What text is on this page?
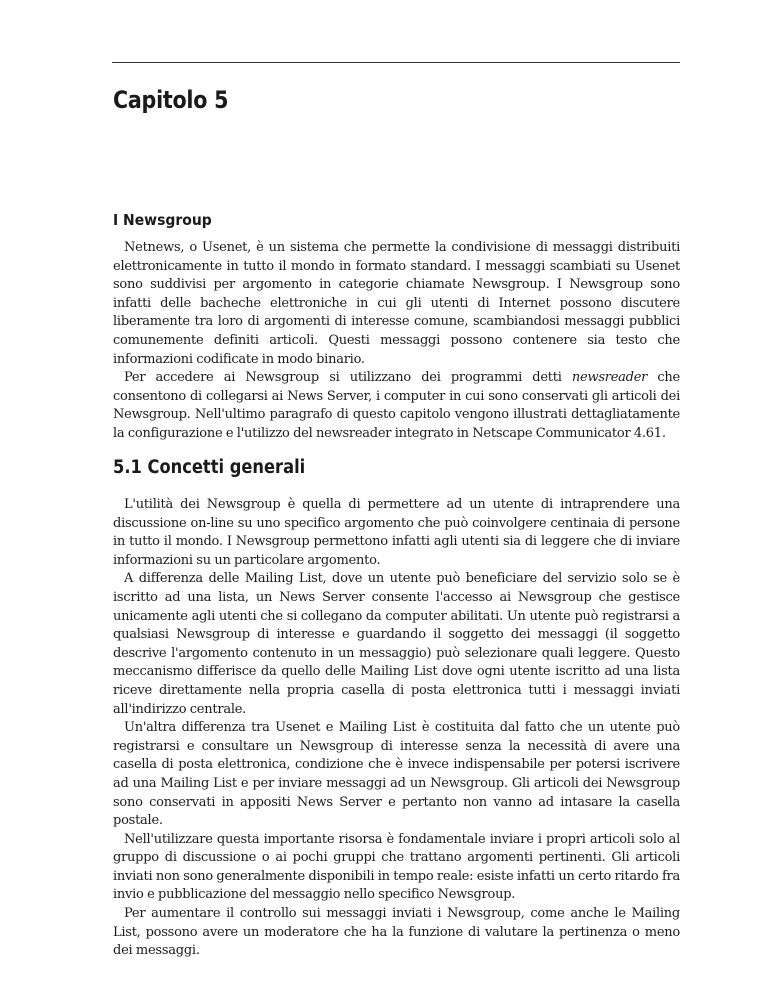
Capitolo 5
I Newsgroup

Netnews, o Usenet, è un sistema che permette la condivisione di messaggi distribuiti elettronicamente in tutto il mondo in formato standard. I messaggi scambiati su Usenet sono suddivisi per argomento in categorie chiamate Newsgroup. I Newsgroup sono infatti delle bacheche elettroniche in cui gli utenti di Internet possono discutere liberamente tra loro di argomenti di interesse comune, scambiandosi messaggi pubblici comunemente definiti articoli. Questi messaggi possono contenere sia testo che informazioni codificate in modo binario.

Per accedere ai Newsgroup si utilizzano dei programmi detti newsreader che consentono di collegarsi ai News Server, i computer in cui sono conservati gli articoli dei Newsgroup. Nell'ultimo paragrafo di questo capitolo vengono illustrati dettagliatamente la configurazione e l'utilizzo del newsreader integrato in Netscape Communicator 4.61.

5.1 Concetti generali

L'utilità dei Newsgroup è quella di permettere ad un utente di intraprendere una discussione on-line su uno specifico argomento che può coinvolgere centinaia di persone in tutto il mondo. I Newsgroup permettono infatti agli utenti sia di leggere che di inviare informazioni su un particolare argomento.

A differenza delle Mailing List, dove un utente può beneficiare del servizio solo se è iscritto ad una lista, un News Server consente l'accesso ai Newsgroup che gestisce unicamente agli utenti che si collegano da computer abilitati. Un utente può registrarsi a qualsiasi Newsgroup di interesse e guardando il soggetto dei messaggi (il soggetto descrive l'argomento contenuto in un messaggio) può selezionare quali leggere. Questo meccanismo differisce da quello delle Mailing List dove ogni utente iscritto ad una lista riceve direttamente nella propria casella di posta elettronica tutti i messaggi inviati all'indirizzo centrale.

Un'altra differenza tra Usenet e Mailing List è costituita dal fatto che un utente può registrarsi e consultare un Newsgroup di interesse senza la necessità di avere una casella di posta elettronica, condizione che è invece indispensabile per potersi iscrivere ad una Mailing List e per inviare messaggi ad un Newsgroup. Gli articoli dei Newsgroup sono conservati in appositi News Server e pertanto non vanno ad intasare la casella postale.

Nell'utilizzare questa importante risorsa è fondamentale inviare i propri articoli solo al gruppo di discussione o ai pochi gruppi che trattano argomenti pertinenti. Gli articoli inviati non sono generalmente disponibili in tempo reale: esiste infatti un certo ritardo fra invio e pubblicazione del messaggio nello specifico Newsgroup.

Per aumentare il controllo sui messaggi inviati i Newsgroup, come anche le Mailing List, possono avere un moderatore che ha la funzione di valutare la pertinenza o meno dei messaggi.
